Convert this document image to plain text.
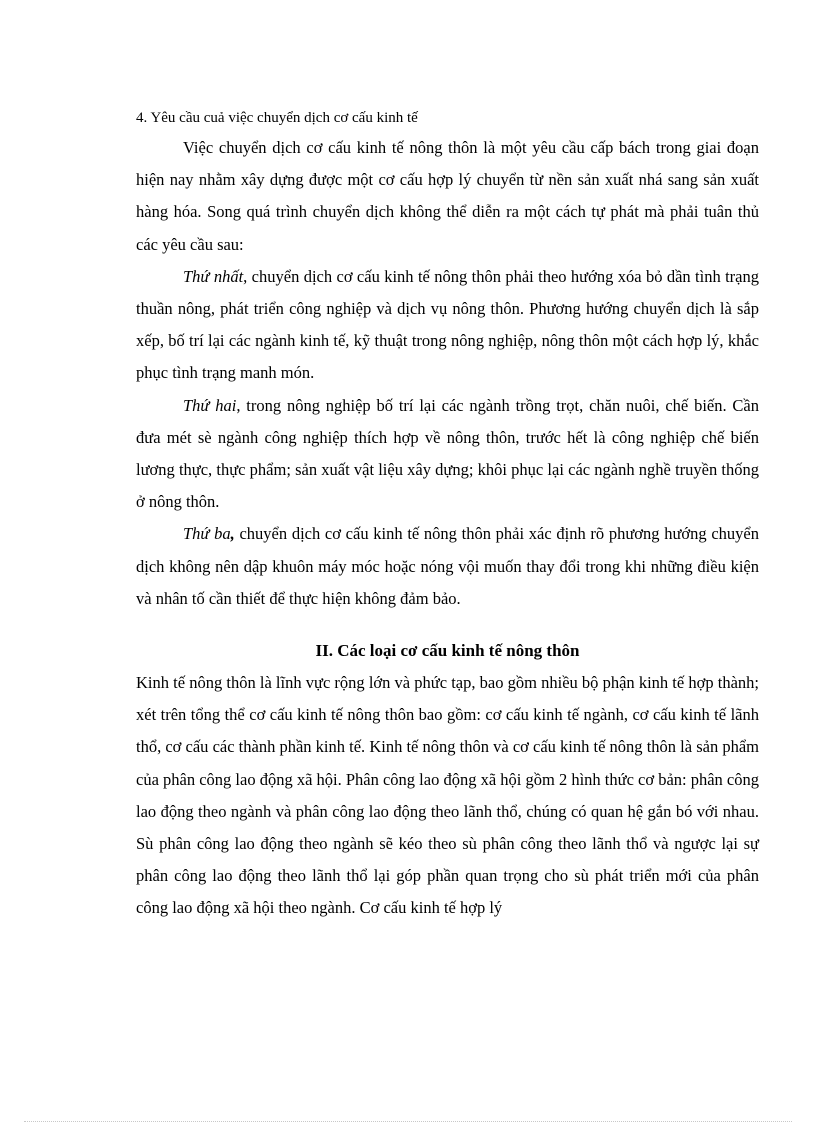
4. Yêu cầu cuả việc chuyển dịch cơ cấu kinh tế

Việc chuyển dịch cơ cấu kinh tế nông thôn là một yêu cầu cấp bách trong giai đoạn hiện nay nhằm xây dựng được một cơ cấu hợp lý chuyển từ nền sản xuất nhá sang sản xuất hàng hóa. Song quá trình chuyển dịch không thể diễn ra một cách tự phát mà phải tuân thủ các yêu cầu sau:

Thứ nhất, chuyển dịch cơ cấu kinh tế nông thôn phải theo hướng xóa bỏ dần tình trạng thuần nông, phát triển công nghiệp và dịch vụ nông thôn. Phương hướng chuyển dịch là sắp xếp, bố trí lại các ngành kinh tế, kỹ thuật trong nông nghiệp, nông thôn một cách hợp lý, khắc phục tình trạng manh món.

Thứ hai, trong nông nghiệp bố trí lại các ngành trồng trọt, chăn nuôi, chế biến. Cần đưa mét sè ngành công nghiệp thích hợp về nông thôn, trước hết là công nghiệp chế biến lương thực, thực phẩm; sản xuất vật liệu xây dựng; khôi phục lại các ngành nghề truyền thống ở nông thôn.

Thứ ba, chuyển dịch cơ cấu kinh tế nông thôn phải xác định rõ phương hướng chuyển dịch không nên dập khuôn máy móc hoặc nóng vội muốn thay đổi trong khi những điều kiện và nhân tố cần thiết để thực hiện không đảm bảo.

II. Các loại cơ cấu kinh tế nông thôn

Kinh tế nông thôn là lĩnh vực rộng lớn và phức tạp, bao gồm nhiều bộ phận kinh tế hợp thành; xét trên tổng thể cơ cấu kinh tế nông thôn bao gồm: cơ cấu kinh tế ngành, cơ cấu kinh tế lãnh thổ, cơ cấu các thành phần kinh tế. Kinh tế nông thôn và cơ cấu kinh tế nông thôn là sản phẩm của phân công lao động xã hội. Phân công lao động xã hội gồm 2 hình thức cơ bản: phân công lao động theo ngành và phân công lao động theo lãnh thổ, chúng có quan hệ gắn bó với nhau. Sù phân công lao động theo ngành sẽ kéo theo sù phân công theo lãnh thổ và ngược lại sự phân công lao động theo lãnh thổ lại góp phần quan trọng cho sù phát triển mới của phân công lao động xã hội theo ngành. Cơ cấu kinh tế hợp lý
